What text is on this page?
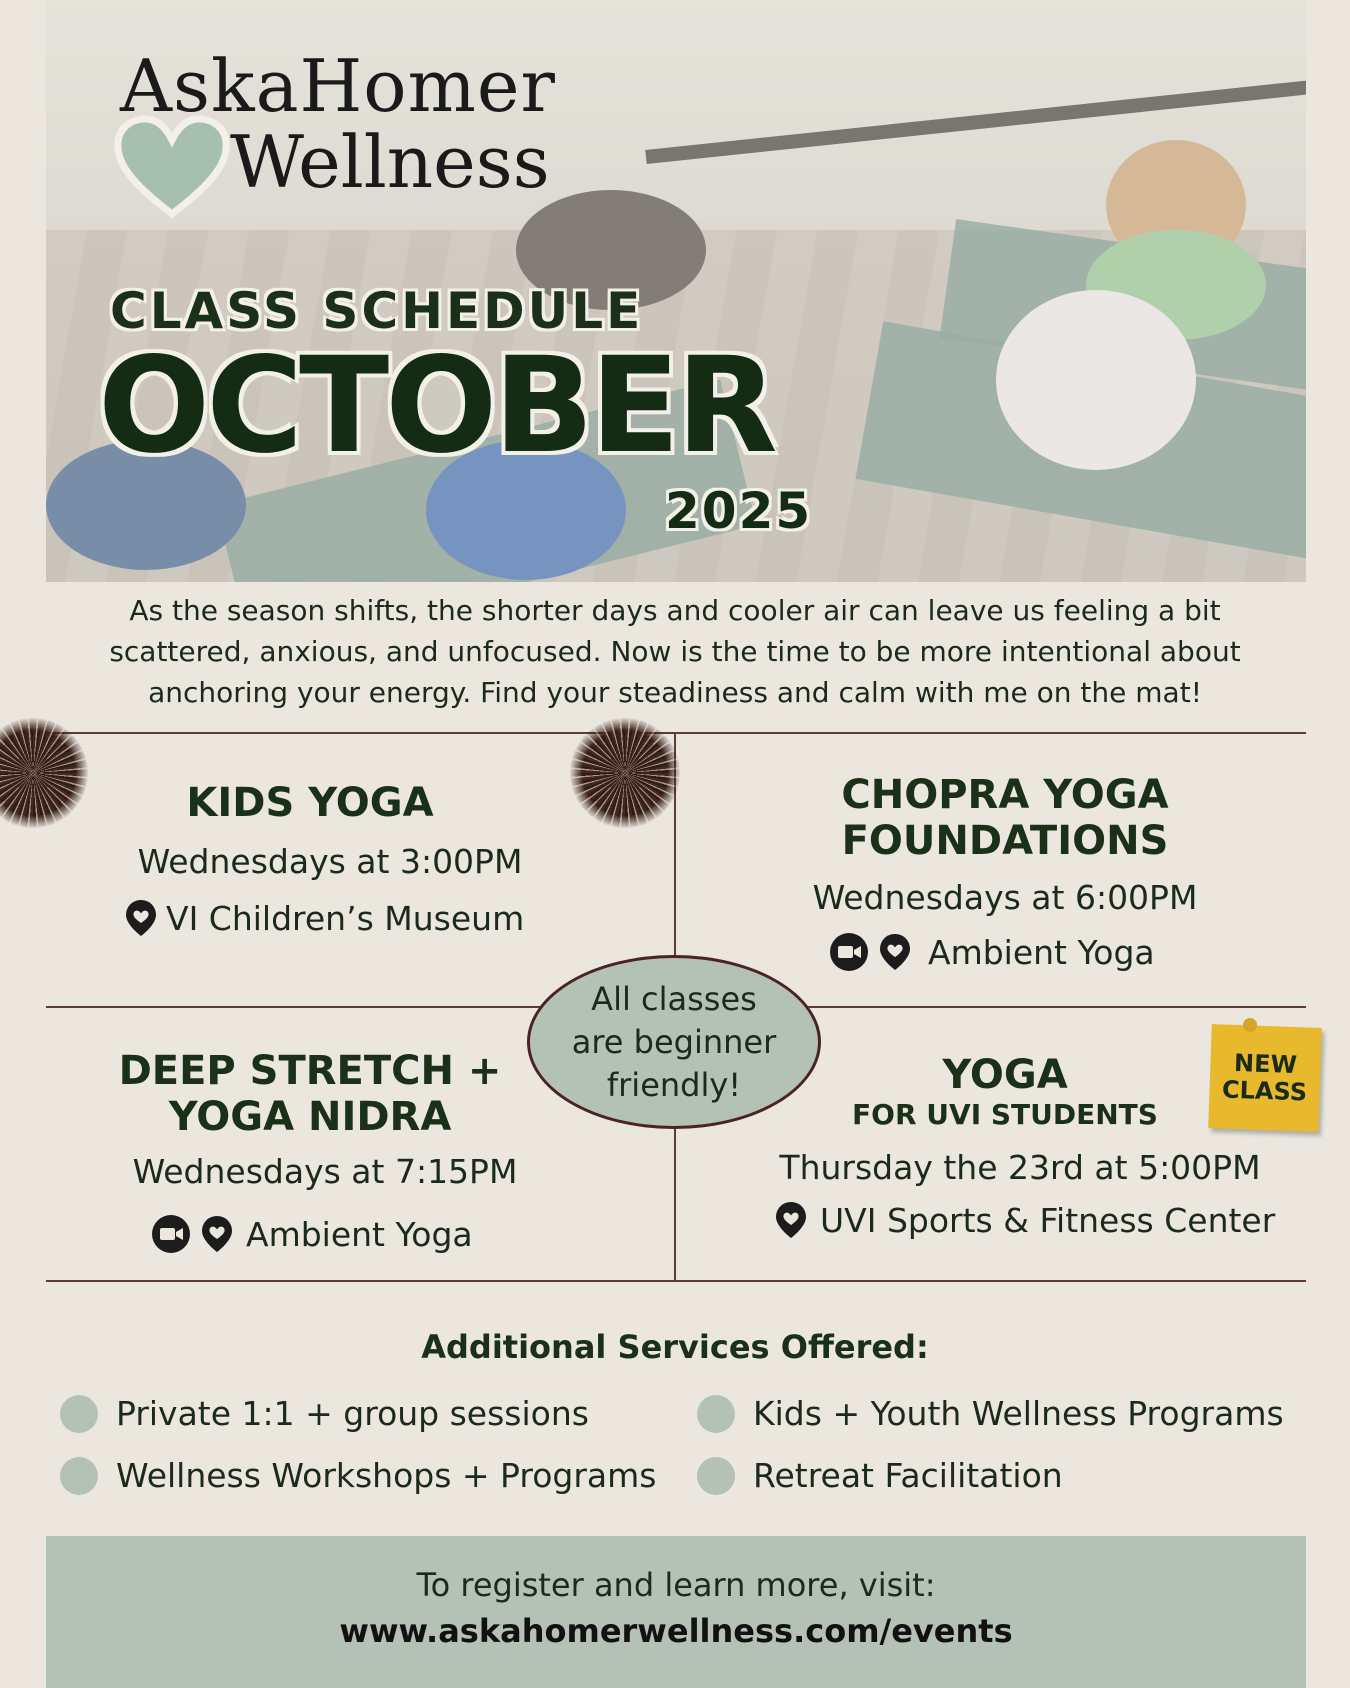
AskaHomer
Wellness
CLASS SCHEDULE
OCTOBER
2025
As the season shifts, the shorter days and cooler air can leave us feeling a bit scattered, anxious, and unfocused. Now is the time to be more intentional about anchoring your energy. Find your steadiness and calm with me on the mat!
KIDS YOGA
Wednesdays at 3:00PM
VI Children’s Museum
CHOPRA YOGA
FOUNDATIONS
Wednesdays at 6:00PM
Ambient Yoga
DEEP STRETCH +
YOGA NIDRA
Wednesdays at 7:15PM
Ambient Yoga
YOGA
FOR UVI STUDENTS
Thursday the 23rd at 5:00PM
UVI Sports & Fitness Center
NEW
CLASS
All classes
are beginner
friendly!
Additional Services Offered:
Private 1:1 + group sessions	Kids + Youth Wellness Programs
Wellness Workshops + Programs	Retreat Facilitation
To register and learn more, visit:
www.askahomerwellness.com/events
